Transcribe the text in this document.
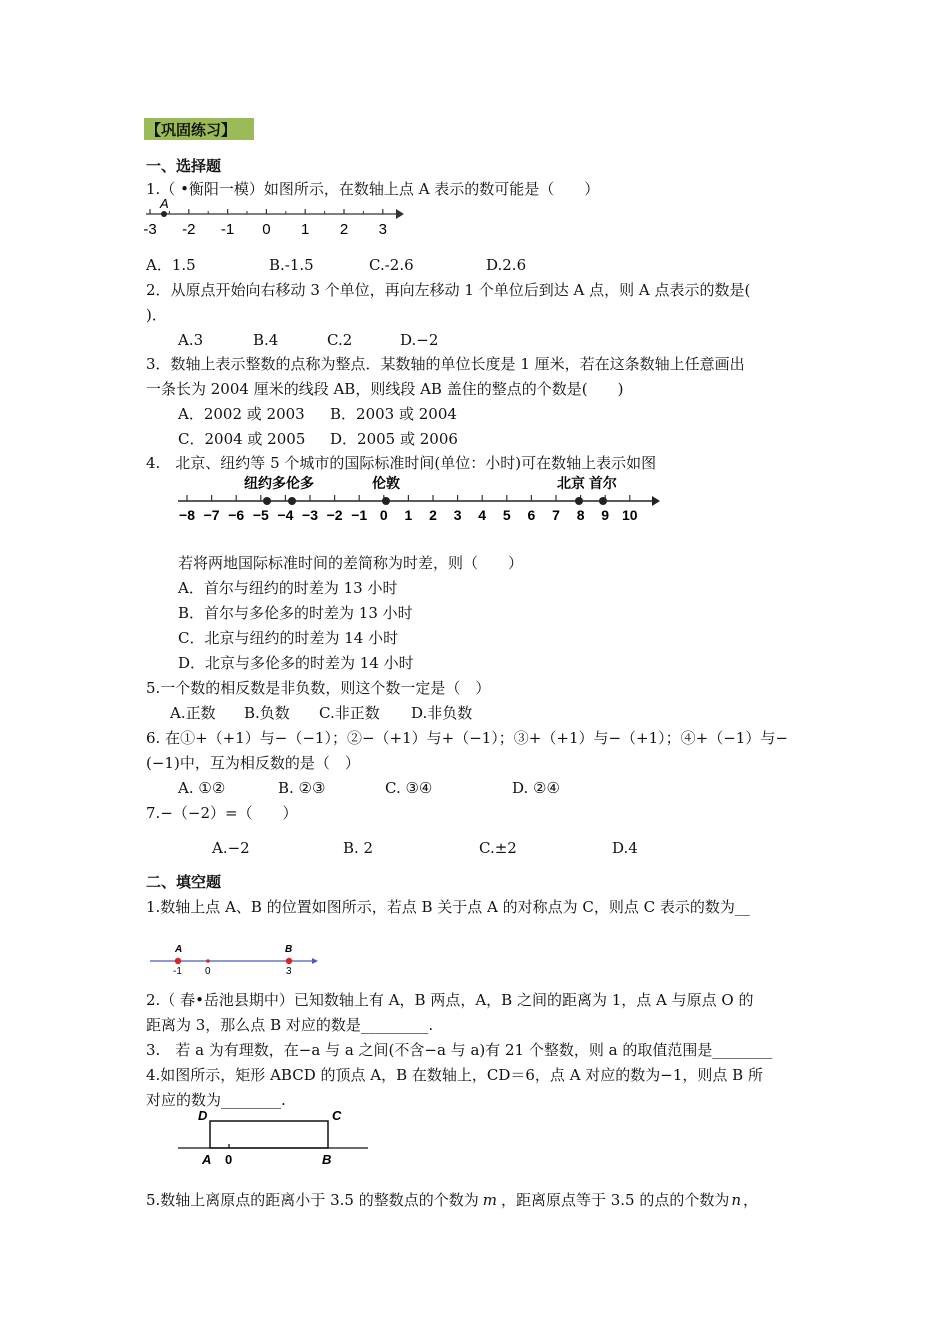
【巩固练习】
一、选择题
1.（ •衡阳一模）如图所示，在数轴上点 A 表示的数可能是（　　）
-3 -2 -1 0 1 2 3
A
A．1.5	B.-1.5	C.-2.6	D.2.6
2．从原点开始向右移动 3 个单位，再向左移动 1 个单位后到达 A 点，则 A 点表示的数是(
)．
A.3	B.4	C.2	D.−2
3．数轴上表示整数的点称为整点．某数轴的单位长度是 1 厘米，若在这条数轴上任意画出
一条长为 2004 厘米的线段 AB，则线段 AB 盖住的整点的个数是(　　)
A．2002 或 2003 B．2003 或 2004
C．2004 或 2005 D．2005 或 2006
4.　北京、纽约等 5 个城市的国际标准时间(单位：小时)可在数轴上表示如图
纽约多伦多	伦敦	北京 首尔
−8 −7 −6 −5 −4 −3 −2 −1 0 1 2 3 4 5 6 7 8 9 10
若将两地国际标准时间的差简称为时差，则（　　）
A．首尔与纽约的时差为 13 小时
B．首尔与多伦多的时差为 13 小时
C．北京与纽约的时差为 14 小时
D．北京与多伦多的时差为 14 小时
5.一个数的相反数是非负数，则这个数一定是（　）
A.正数 B.负数 C.非正数 D.非负数
6. 在①+（+1）与−（−1）；②−（+1）与+（−1）；③+（+1）与−（+1）；④+（−1）与−
(−1)中，互为相反数的是（　）
A. ①②	B. ②③	C. ③④	D. ②④
7.−（−2）=（　　）
A.−2	B. 2	C.±2	D.4
二、填空题
1.数轴上点 A、B 的位置如图所示，若点 B 关于点 A 的对称点为 C，则点 C 表示的数为__
A	B
-1 0	3
2.（ 春•岳池县期中）已知数轴上有 A，B 两点，A，B 之间的距离为 1，点 A 与原点 O 的
距离为 3，那么点 B 对应的数是_________.
3.　若 a 为有理数，在−a 与 a 之间(不含−a 与 a)有 21 个整数，则 a 的取值范围是________
4.如图所示，矩形 ABCD 的顶点 A，B 在数轴上，CD＝6，点 A 对应的数为−1，则点 B 所
对应的数为________.
D	C
A 0	B
5.数轴上离原点的距离小于 3.5 的整数点的个数为 m ，距离原点等于 3.5 的点的个数为 n ，
